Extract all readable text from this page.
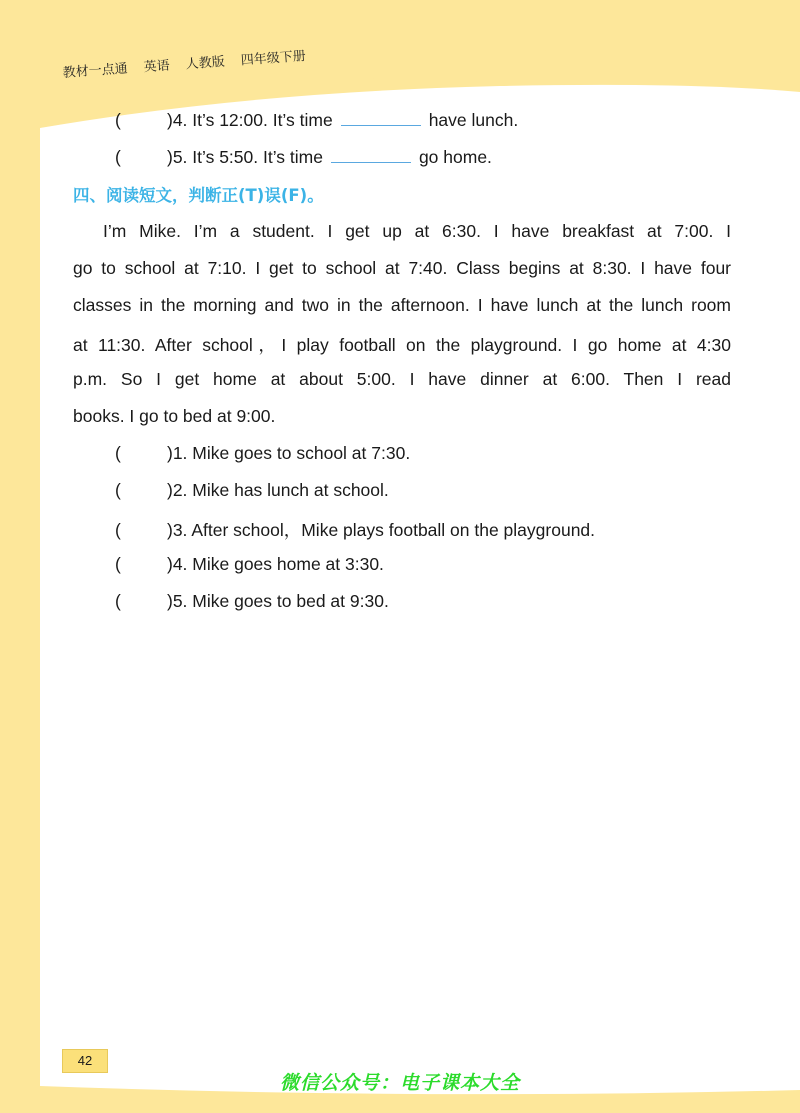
教材一点通 英语 人教版 四年级下册
(	)4. It’s 12:00. It’s time	have lunch.
(	)5. It’s 5:50. It’s time	go home.
四、阅读短文，判断正(T)误(F)。
I’m Mike. I’m a student. I get up at 6:30. I have breakfast at 7:00. I
go to school at 7:10. I get to school at 7:40. Class begins at 8:30. I have four
classes in the morning and two in the afternoon. I have lunch at the lunch room
at 11:30. After school，I play football on the playground. I go home at 4:30
p.m. So I get home at about 5:00. I have dinner at 6:00. Then I read
books. I go to bed at 9:00.
(	)1. Mike goes to school at 7:30.
(	)2. Mike has lunch at school.
(	)3. After school，Mike plays football on the playground.
(	)4. Mike goes home at 3:30.
(	)5. Mike goes to bed at 9:30.
42
微信公众号：电子课本大全
